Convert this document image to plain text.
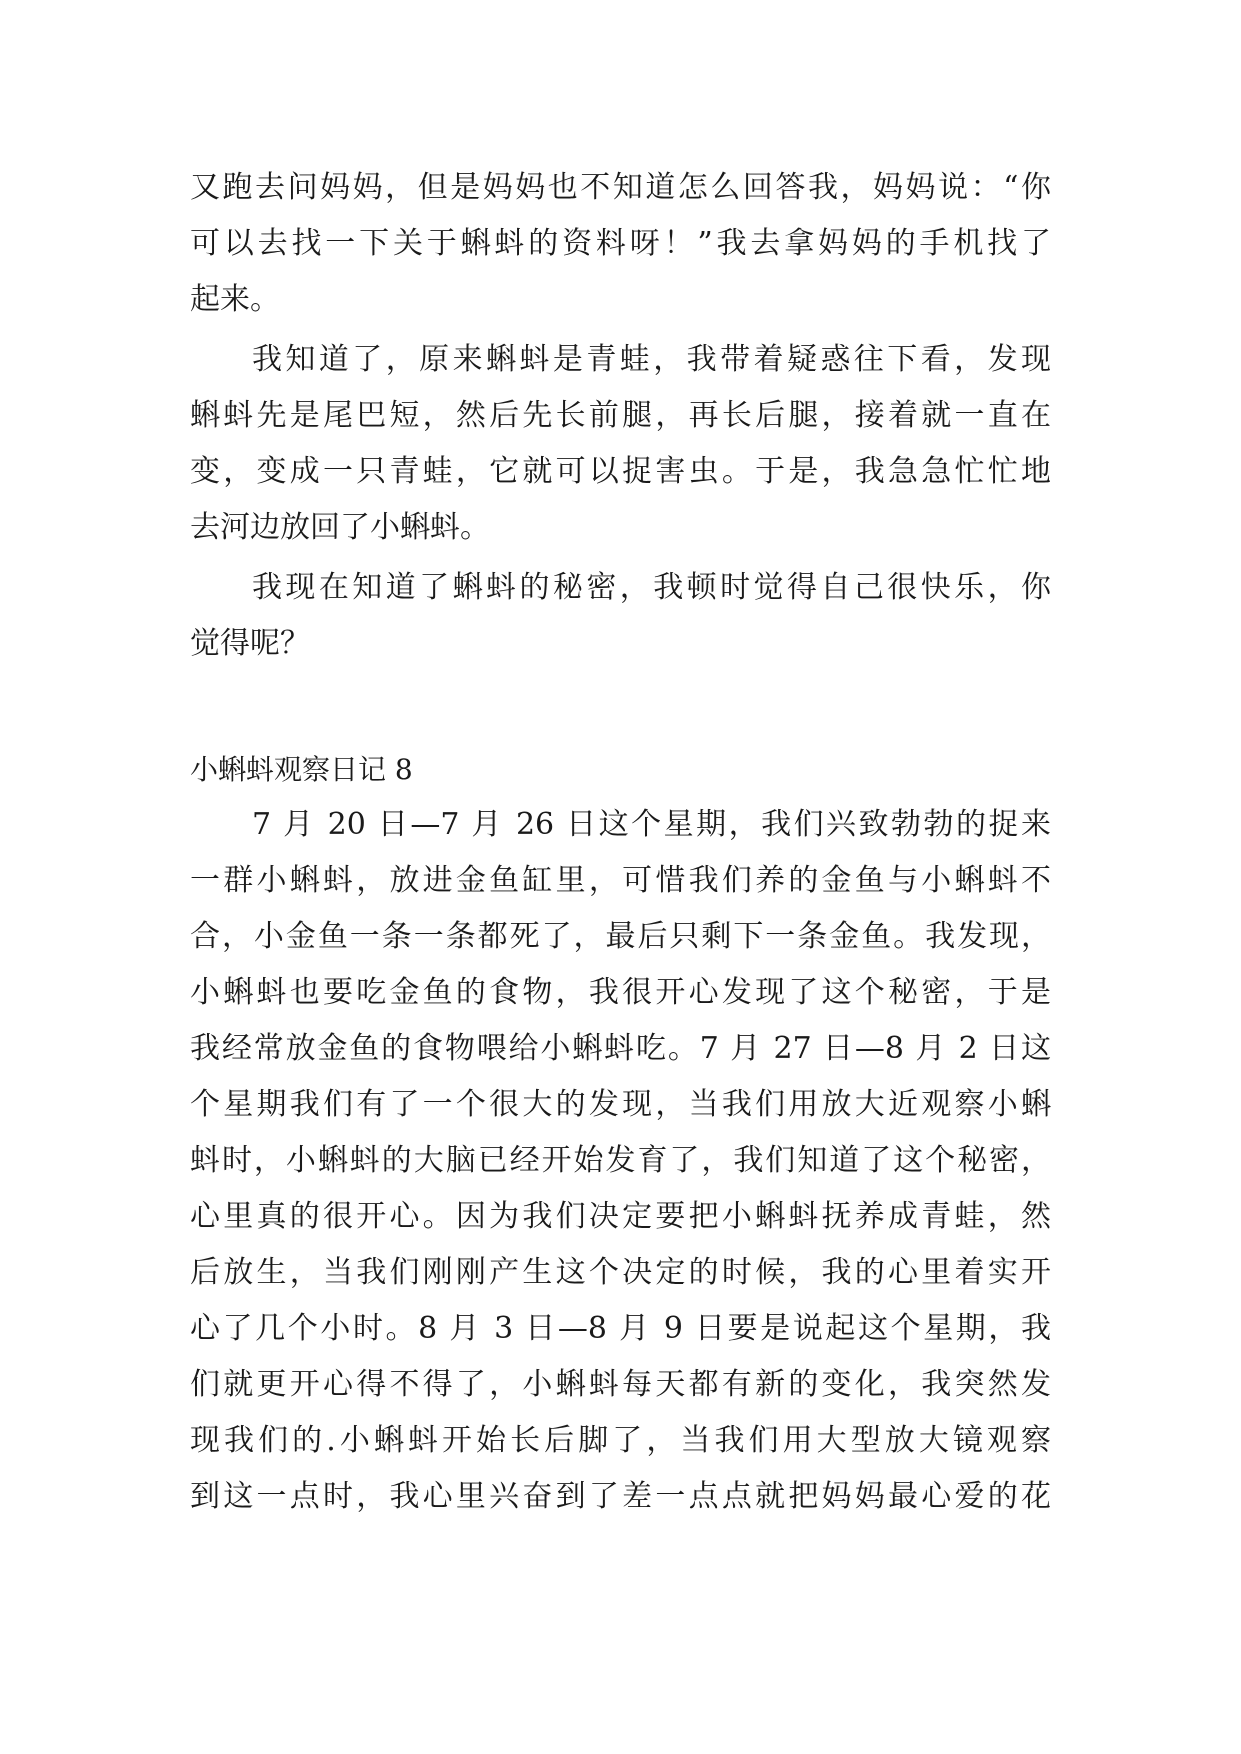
又跑去问妈妈，但是妈妈也不知道怎么回答我，妈妈说：“你
可以去找一下关于蝌蚪的资料呀！”我去拿妈妈的手机找了
起来。
我知道了，原来蝌蚪是青蛙，我带着疑惑往下看，发现
蝌蚪先是尾巴短，然后先长前腿，再长后腿，接着就一直在
变，变成一只青蛙，它就可以捉害虫。于是，我急急忙忙地
去河边放回了小蝌蚪。
我现在知道了蝌蚪的秘密，我顿时觉得自己很快乐，你
觉得呢？
小蝌蚪观察日记 8
7 月 20 日—7 月 26 日这个星期，我们兴致勃勃的捉来
一群小蝌蚪，放进金鱼缸里，可惜我们养的金鱼与小蝌蚪不
合，小金鱼一条一条都死了，最后只剩下一条金鱼。我发现，
小蝌蚪也要吃金鱼的食物，我很开心发现了这个秘密，于是
我经常放金鱼的食物喂给小蝌蚪吃。7 月 27 日—8 月 2 日这
个星期我们有了一个很大的发现，当我们用放大近观察小蝌
蚪时，小蝌蚪的大脑已经开始发育了，我们知道了这个秘密，
心里真的很开心。因为我们决定要把小蝌蚪抚养成青蛙，然
后放生，当我们刚刚产生这个决定的时候，我的心里着实开
心了几个小时。8 月 3 日—8 月 9 日要是说起这个星期，我
们就更开心得不得了，小蝌蚪每天都有新的变化，我突然发
现我们的.小蝌蚪开始长后脚了，当我们用大型放大镜观察
到这一点时，我心里兴奋到了差一点点就把妈妈最心爱的花
